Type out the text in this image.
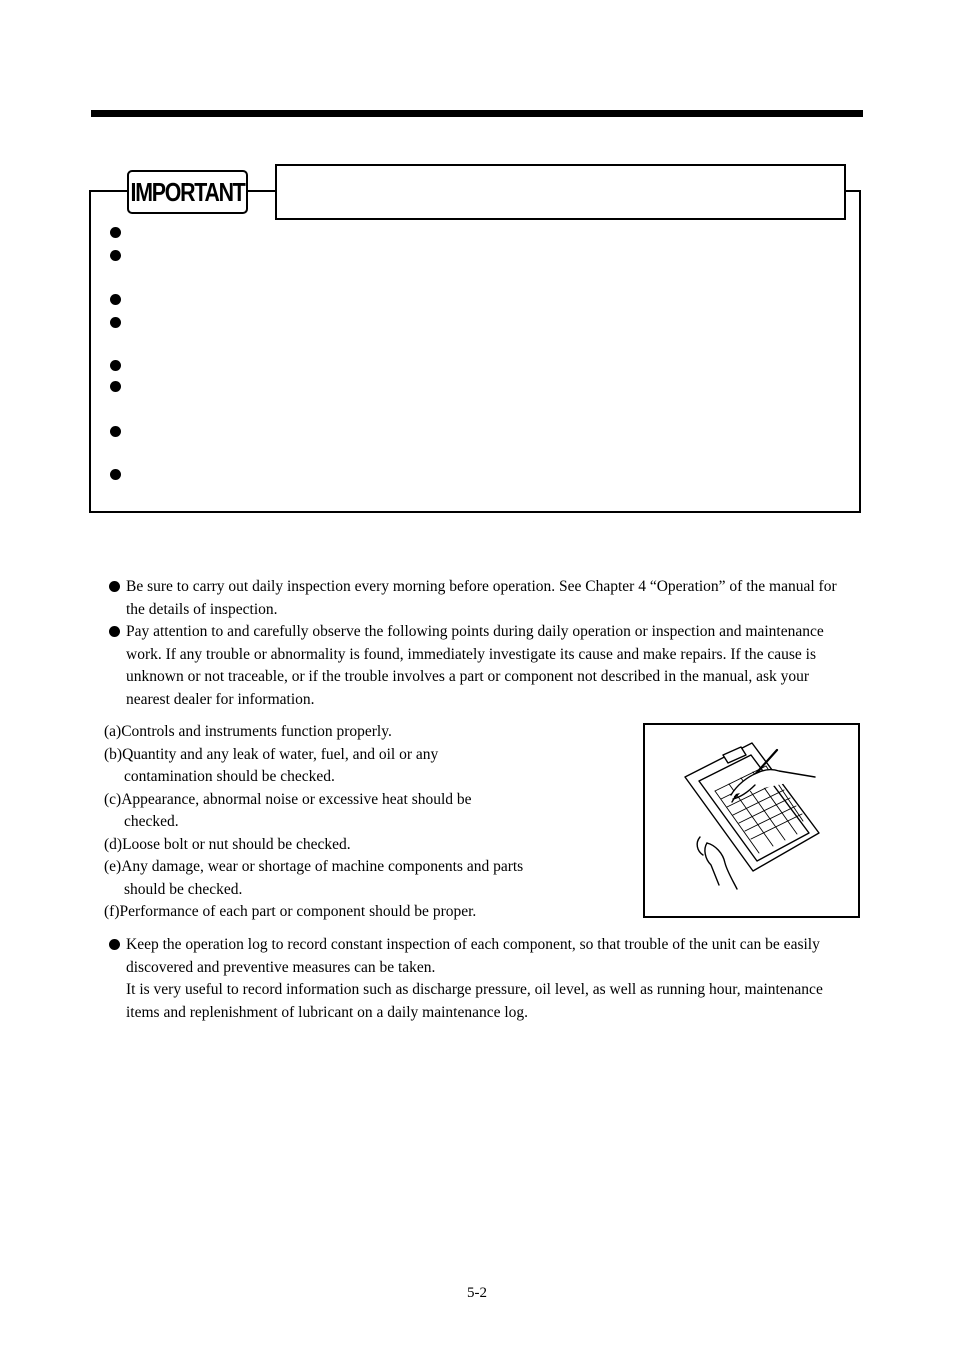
IMPORTANT
Be sure to carry out daily inspection every morning before operation. See Chapter 4 “Operation” of the manual for the details of inspection.
Pay attention to and carefully observe the following points during daily operation or inspection and maintenance work. If any trouble or abnormality is found, immediately investigate its cause and make repairs. If the cause is unknown or not traceable, or if the trouble involves a part or component not described in the manual, ask your nearest dealer for information.
(a)Controls and instruments function properly.
(b)Quantity and any leak of water, fuel, and oil or any
contamination should be checked.
(c)Appearance, abnormal noise or excessive heat should be
checked.
(d)Loose bolt or nut should be checked.
(e)Any damage, wear or shortage of machine components and parts
should be checked.
(f)Performance of each part or component should be proper.
Keep the operation log to record constant inspection of each component, so that trouble of the unit can be easily discovered and preventive measures can be taken.
It is very useful to record information such as discharge pressure, oil level, as well as running hour, maintenance items and replenishment of lubricant on a daily maintenance log.
5-2
